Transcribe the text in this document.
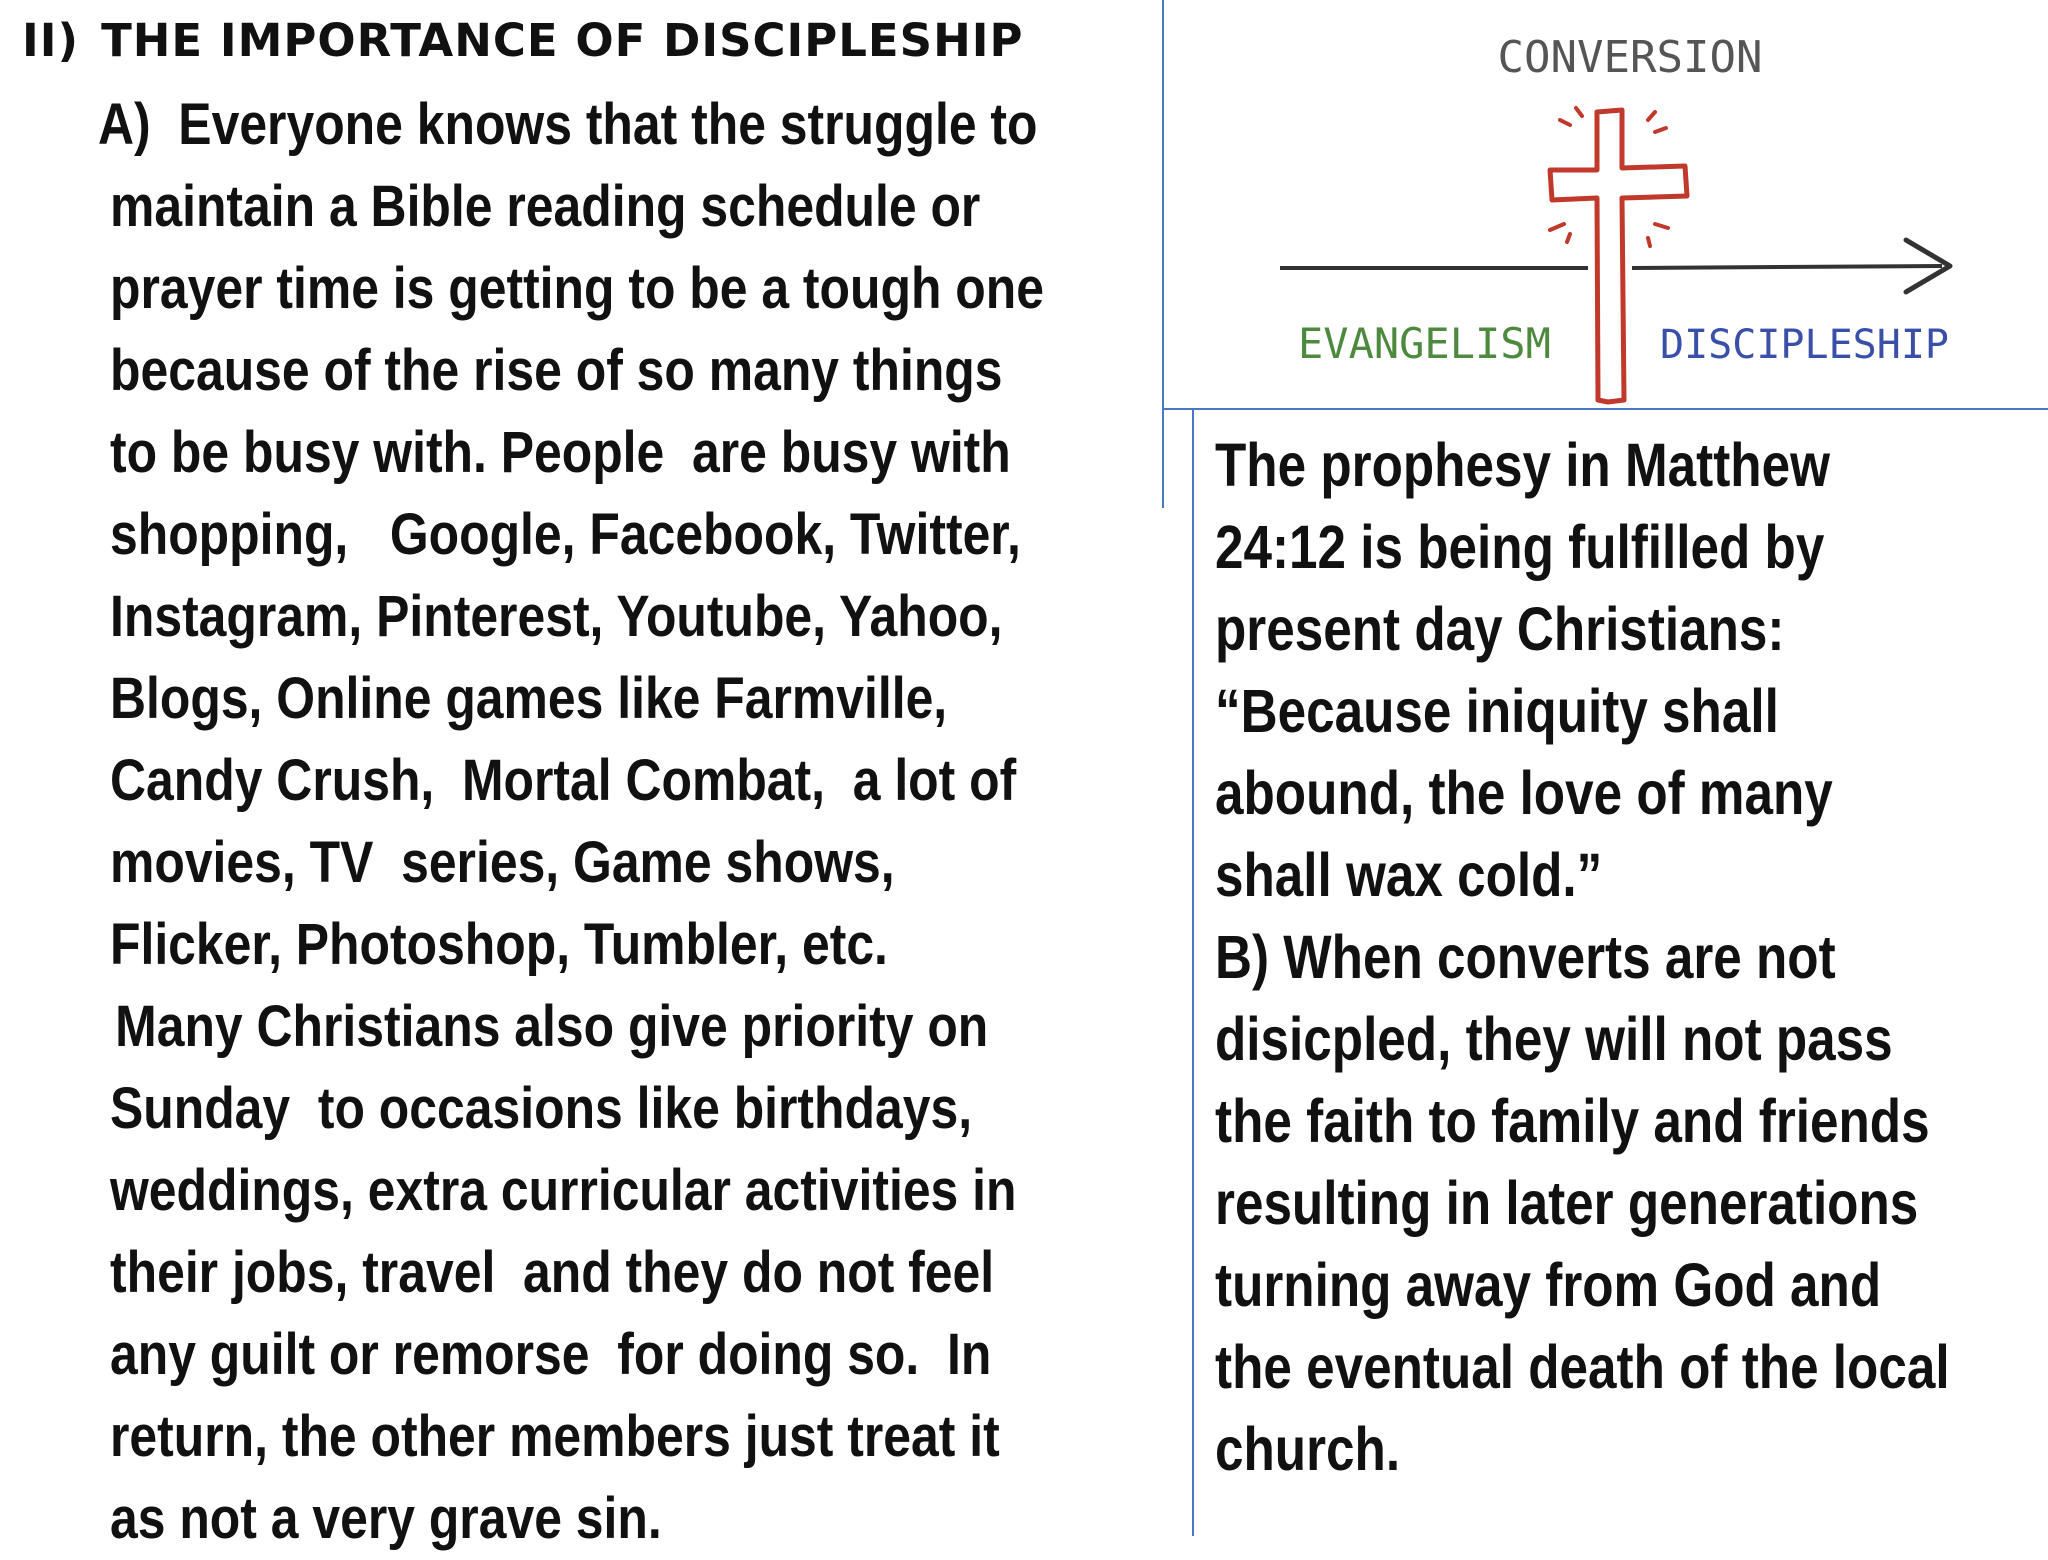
II) THE IMPORTANCE OF DISCIPLESHIP
A)  Everyone knows that the struggle to
maintain a Bible reading schedule or
prayer time is getting to be a tough one
because of the rise of so many things
to be busy with. People  are busy with
shopping,   Google, Facebook, Twitter,
Instagram, Pinterest, Youtube, Yahoo,
Blogs, Online games like Farmville,
Candy Crush,  Mortal Combat,  a lot of
movies, TV  series, Game shows,
Flicker, Photoshop, Tumbler, etc.
Many Christians also give priority on
Sunday  to occasions like birthdays,
weddings, extra curricular activities in
their jobs, travel  and they do not feel
any guilt or remorse  for doing so.  In
return, the other members just treat it
as not a very grave sin.
CONVERSION
EVANGELISM	DISCIPLESHIP
The prophesy in Matthew
24:12 is being fulfilled by
present day Christians:
“Because iniquity shall
abound, the love of many
shall wax cold.”
B) When converts are not
disicpled, they will not pass
the faith to family and friends
resulting in later generations
turning away from God and
the eventual death of the local
church.
